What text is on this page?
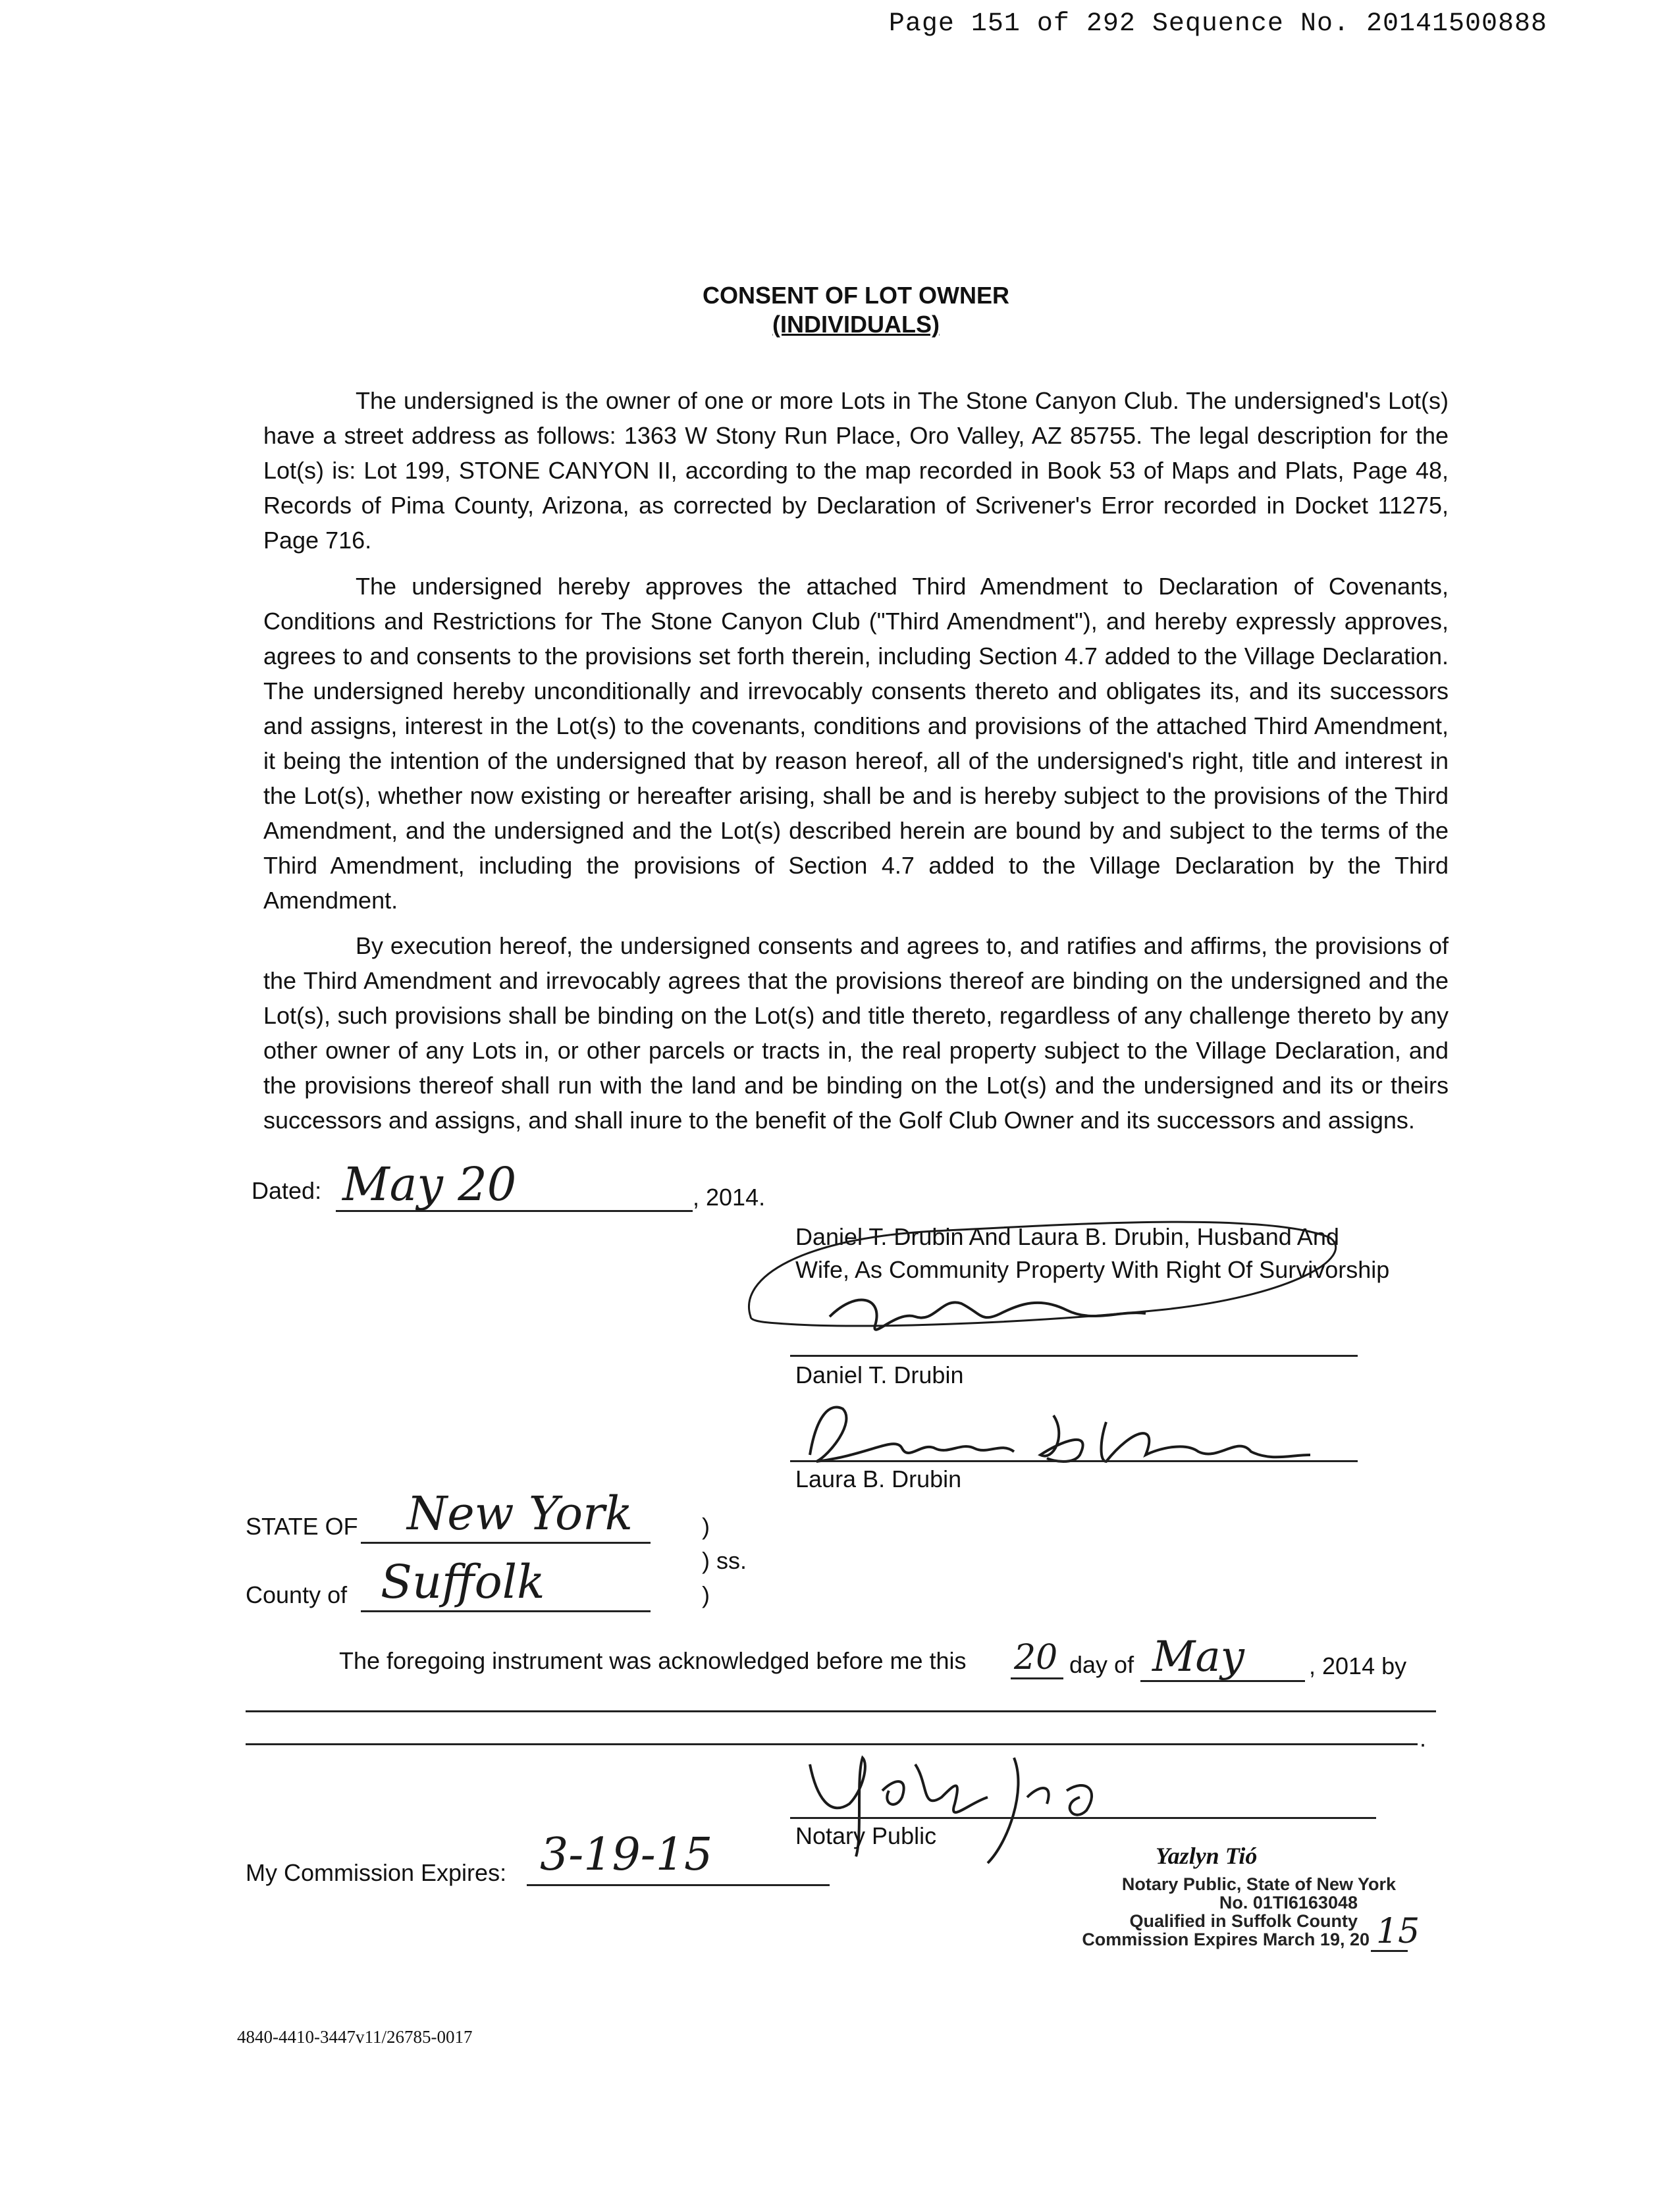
Page 151 of 292 Sequence No. 20141500888
CONSENT OF LOT OWNER
(INDIVIDUALS)

The undersigned is the owner of one or more Lots in The Stone Canyon Club. The undersigned's Lot(s) have a street address as follows: 1363 W Stony Run Place, Oro Valley, AZ 85755. The legal description for the Lot(s) is: Lot 199, STONE CANYON II, according to the map recorded in Book 53 of Maps and Plats, Page 48, Records of Pima County, Arizona, as corrected by Declaration of Scrivener's Error recorded in Docket 11275, Page 716.

The undersigned hereby approves the attached Third Amendment to Declaration of Covenants, Conditions and Restrictions for The Stone Canyon Club ("Third Amendment"), and hereby expressly approves, agrees to and consents to the provisions set forth therein, including Section 4.7 added to the Village Declaration. The undersigned hereby unconditionally and irrevocably consents thereto and obligates its, and its successors and assigns, interest in the Lot(s) to the covenants, conditions and provisions of the attached Third Amendment, it being the intention of the undersigned that by reason hereof, all of the undersigned's right, title and interest in the Lot(s), whether now existing or hereafter arising, shall be and is hereby subject to the provisions of the Third Amendment, and the undersigned and the Lot(s) described herein are bound by and subject to the terms of the Third Amendment, including the provisions of Section 4.7 added to the Village Declaration by the Third Amendment.

By execution hereof, the undersigned consents and agrees to, and ratifies and affirms, the provisions of the Third Amendment and irrevocably agrees that the provisions thereof are binding on the undersigned and the Lot(s), such provisions shall be binding on the Lot(s) and title thereto, regardless of any challenge thereto by any other owner of any Lots in, or other parcels or tracts in, the real property subject to the Village Declaration, and the provisions thereof shall run with the land and be binding on the Lot(s) and the undersigned and its or theirs successors and assigns, and shall inure to the benefit of the Golf Club Owner and its successors and assigns.

Dated: May 20	, 2014.
Daniel T. Drubin And Laura B. Drubin, Husband And
Wife, As Community Property With Right Of Survivorship
Daniel T. Drubin
Laura B. Drubin
STATE OF New York	)
) ss.
)
County of Suffolk
The foregoing instrument was acknowledged before me this 20 day of May	, 2014 by
.
Notary Public
My Commission Expires: 3-19-15	Yazlyn Tió
Notary Public, State of New York
No. 01TI6163048
Qualified in Suffolk County
Commission Expires March 19, 20 15
4840-4410-3447v11/26785-0017
